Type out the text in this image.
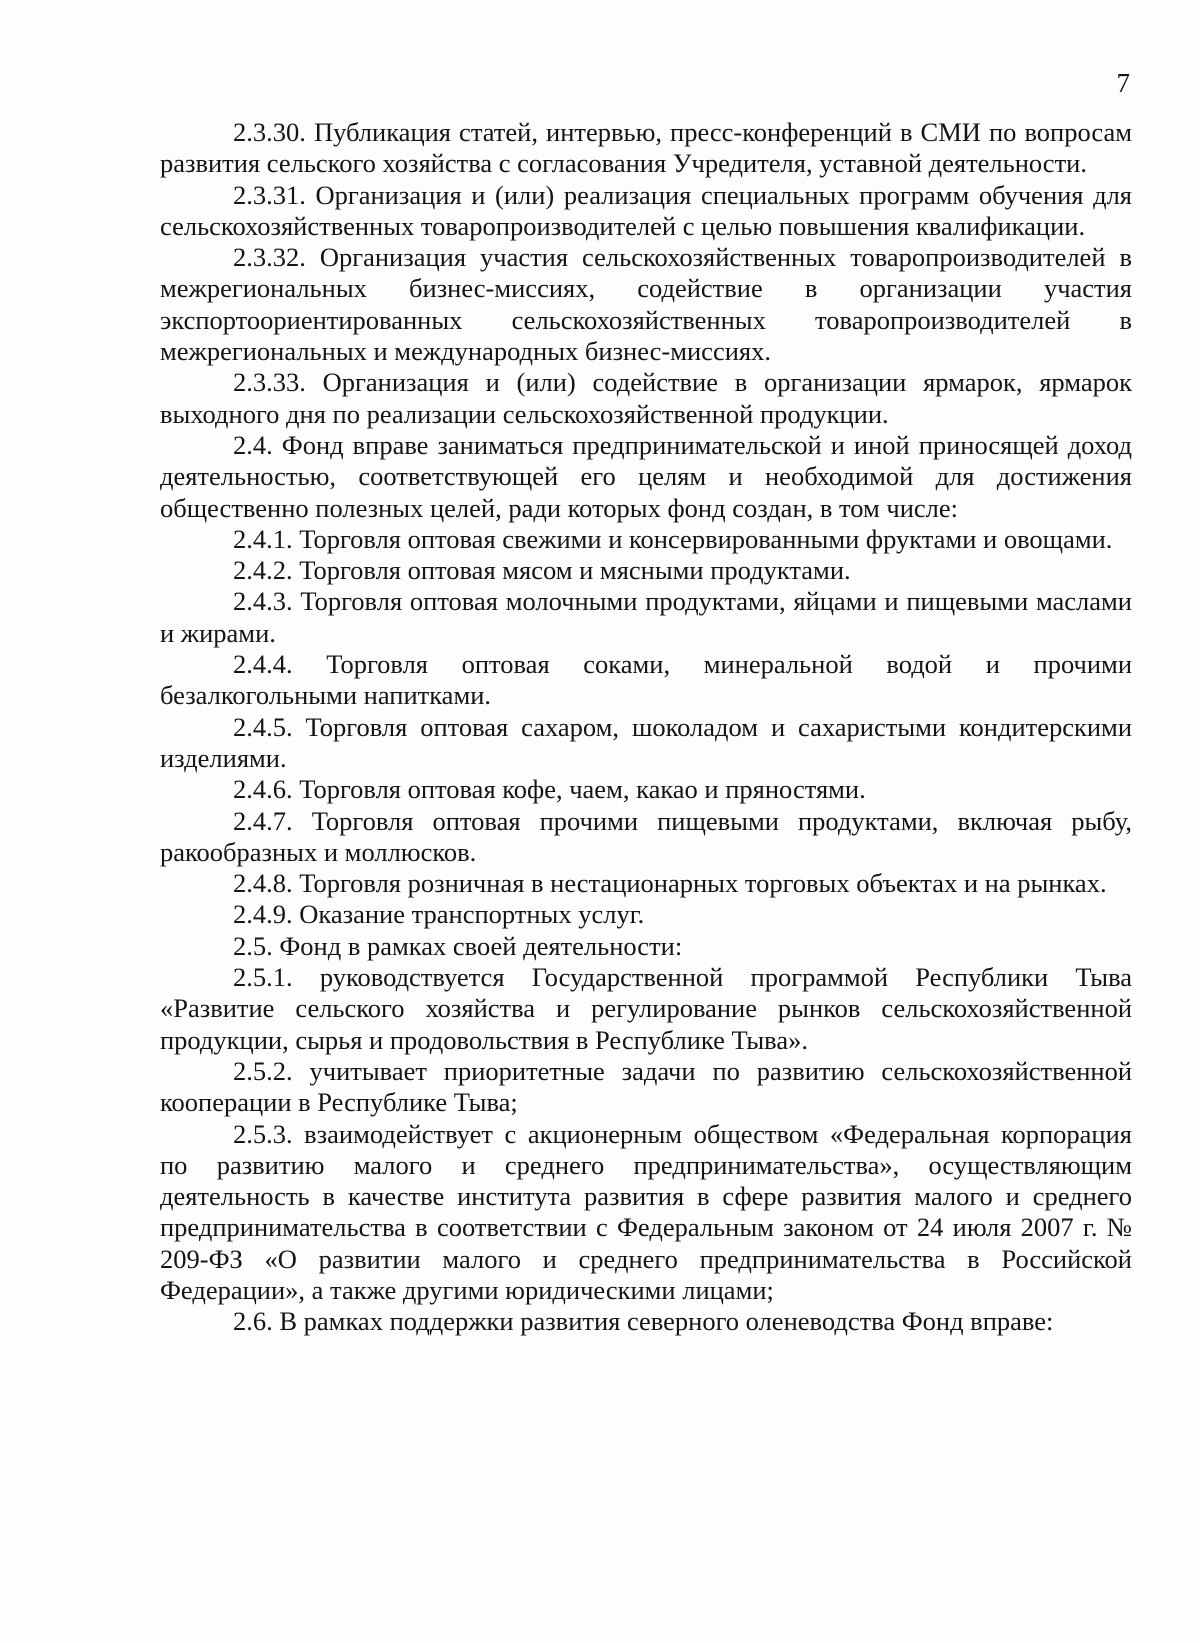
7

2.3.30. Публикация статей, интервью, пресс-конференций в СМИ по вопросам развития сельского хозяйства с согласования Учредителя, уставной деятельности.

2.3.31. Организация и (или) реализация специальных программ обучения для сельскохозяйственных товаропроизводителей с целью повышения квалификации.

2.3.32. Организация участия сельскохозяйственных товаропроизводителей в межрегиональных бизнес-миссиях, содействие в организации участия экспортоориентированных сельскохозяйственных товаропроизводителей в межрегиональных и международных бизнес-миссиях.

2.3.33. Организация и (или) содействие в организации ярмарок, ярмарок выходного дня по реализации сельскохозяйственной продукции.

2.4. Фонд вправе заниматься предпринимательской и иной приносящей доход деятельностью, соответствующей его целям и необходимой для достижения общественно полезных целей, ради которых фонд создан, в том числе:

2.4.1. Торговля оптовая свежими и консервированными фруктами и овощами.

2.4.2. Торговля оптовая мясом и мясными продуктами.

2.4.3. Торговля оптовая молочными продуктами, яйцами и пищевыми маслами и жирами.

2.4.4. Торговля оптовая соками, минеральной водой и прочими безалкогольными напитками.

2.4.5. Торговля оптовая сахаром, шоколадом и сахаристыми кондитерскими изделиями.

2.4.6. Торговля оптовая кофе, чаем, какао и пряностями.

2.4.7. Торговля оптовая прочими пищевыми продуктами, включая рыбу, ракообразных и моллюсков.

2.4.8. Торговля розничная в нестационарных торговых объектах и на рынках.

2.4.9. Оказание транспортных услуг.

2.5. Фонд в рамках своей деятельности:

2.5.1. руководствуется Государственной программой Республики Тыва «Развитие сельского хозяйства и регулирование рынков сельскохозяйственной продукции, сырья и продовольствия в Республике Тыва».

2.5.2. учитывает приоритетные задачи по развитию сельскохозяйственной кооперации в Республике Тыва;

2.5.3. взаимодействует с акционерным обществом «Федеральная корпорация по развитию малого и среднего предпринимательства», осуществляющим деятельность в качестве института развития в сфере развития малого и среднего предпринимательства в соответствии с Федеральным законом от 24 июля 2007 г. № 209-ФЗ «О развитии малого и среднего предпринимательства в Российской Федерации», а также другими юридическими лицами;

2.6. В рамках поддержки развития северного оленеводства Фонд вправе:
